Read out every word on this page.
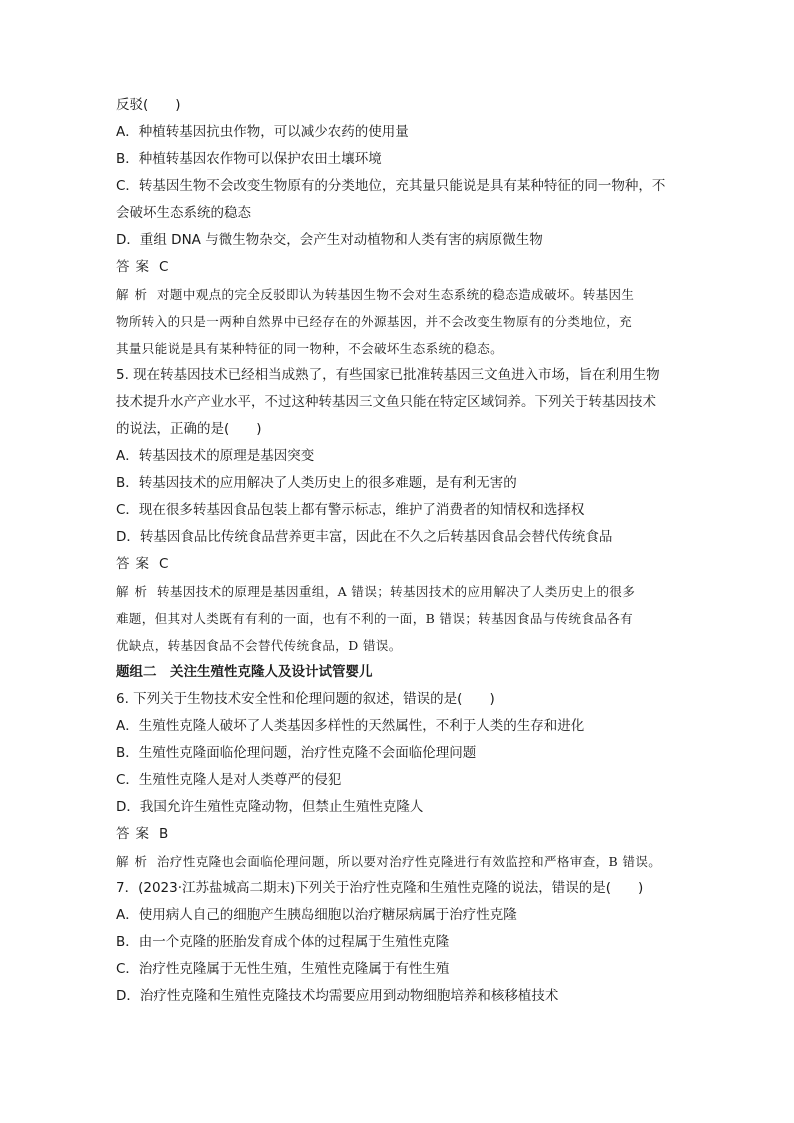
反驳(　　)
A．种植转基因抗虫作物，可以减少农药的使用量
B．种植转基因农作物可以保护农田土壤环境
C．转基因生物不会改变生物原有的分类地位，充其量只能说是具有某种特征的同一物种，不
会破坏生态系统的稳态
D．重组 DNA 与微生物杂交，会产生对动植物和人类有害的病原微生物
答案 C
解析 对题中观点的完全反驳即认为转基因生物不会对生态系统的稳态造成破坏。转基因生
物所转入的只是一两种自然界中已经存在的外源基因，并不会改变生物原有的分类地位，充
其量只能说是具有某种特征的同一物种，不会破坏生态系统的稳态。
5. 现在转基因技术已经相当成熟了，有些国家已批准转基因三文鱼进入市场，旨在利用生物
技术提升水产产业水平，不过这种转基因三文鱼只能在特定区域饲养。下列关于转基因技术
的说法，正确的是(　　)
A．转基因技术的原理是基因突变
B．转基因技术的应用解决了人类历史上的很多难题，是有利无害的
C．现在很多转基因食品包装上都有警示标志，维护了消费者的知情权和选择权
D．转基因食品比传统食品营养更丰富，因此在不久之后转基因食品会替代传统食品
答案 C
解析 转基因技术的原理是基因重组，A 错误；转基因技术的应用解决了人类历史上的很多
难题，但其对人类既有有利的一面，也有不利的一面，B 错误；转基因食品与传统食品各有
优缺点，转基因食品不会替代传统食品，D 错误。
题组二　关注生殖性克隆人及设计试管婴儿
6. 下列关于生物技术安全性和伦理问题的叙述，错误的是(　　)
A．生殖性克隆人破坏了人类基因多样性的天然属性，不利于人类的生存和进化
B．生殖性克隆面临伦理问题，治疗性克隆不会面临伦理问题
C．生殖性克隆人是对人类尊严的侵犯
D．我国允许生殖性克隆动物，但禁止生殖性克隆人
答案 B
解析 治疗性克隆也会面临伦理问题，所以要对治疗性克隆进行有效监控和严格审查，B 错误。
7．(2023·江苏盐城高二期末)下列关于治疗性克隆和生殖性克隆的说法，错误的是(　　)
A．使用病人自己的细胞产生胰岛细胞以治疗糖尿病属于治疗性克隆
B．由一个克隆的胚胎发育成个体的过程属于生殖性克隆
C．治疗性克隆属于无性生殖，生殖性克隆属于有性生殖
D．治疗性克隆和生殖性克隆技术均需要应用到动物细胞培养和核移植技术
